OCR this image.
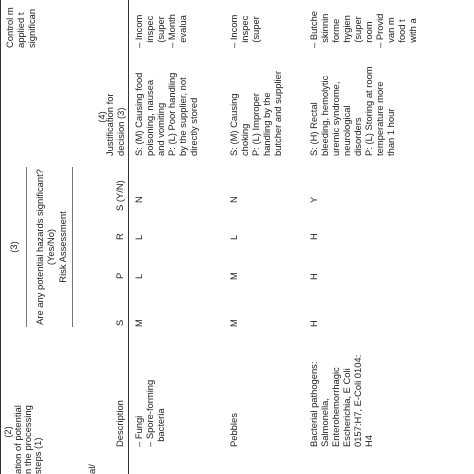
(2) ation of potential n the processing steps (1)
(3) Are any potential hazards significant? (Yes/No) Risk Assessment
(4)
Control m applied t significan
al/
Description
S
P
R
S (Y/N)
Justification for decision (3)
– Fungi – Spore-forming bacteria
M
L
L
N
S: (M) Causing food poisoning, nausea and vomiting P: (L) Poor handling by the supplier, not directly stored
– Incom inspec (super – Month evalua
Pebbles
M
M
L
N
S: (M) Causing choking P: (L) Improper handling by the butcher and supplier
– Incom inspec (super
Bacterial pathogens: Salmonella, Enterohemorrhagic Escherichia, E Coli 0157:H7, E-Coli 0104: H4
H
H
H
Y
S: (H) Rectal bleeding, hemolytic uremic syndrome, neurological disorders P: (L) Storing at room temperature more than 1 hour
– Butche skinnin forme hygien (super room – Provid van m food t with a
